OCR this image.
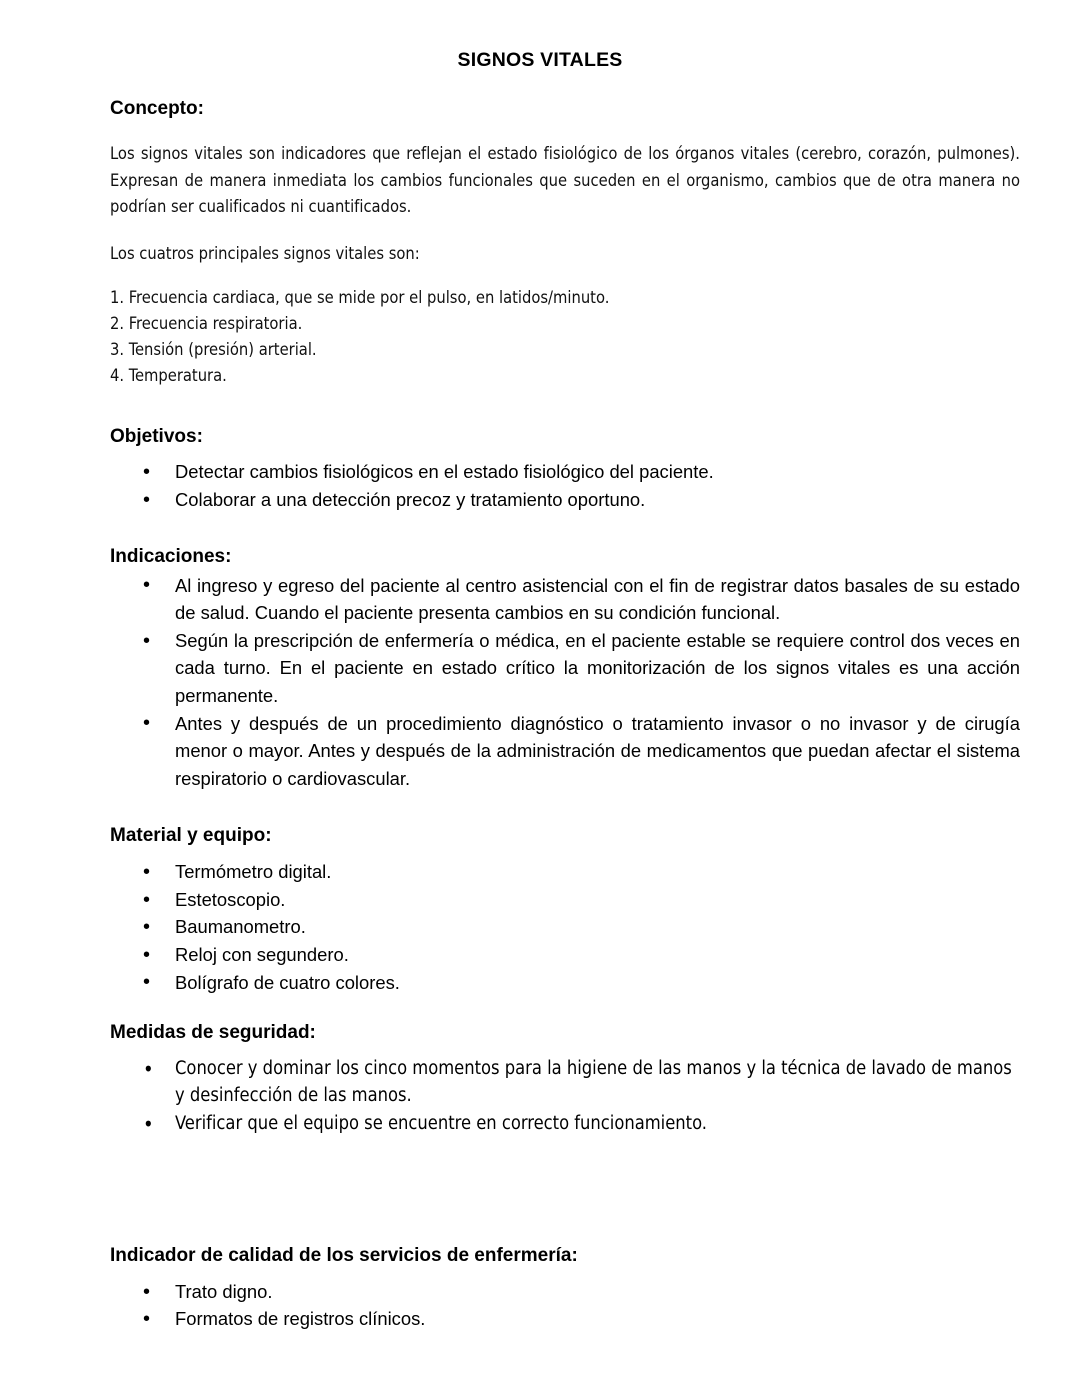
SIGNOS VITALES
Concepto:

Los signos vitales son indicadores que reflejan el estado fisiológico de los órganos vitales (cerebro, corazón, pulmones). Expresan de manera inmediata los cambios funcionales que suceden en el organismo, cambios que de otra manera no podrían ser cualificados ni cuantificados.

Los cuatros principales signos vitales son:

1. Frecuencia cardiaca, que se mide por el pulso, en latidos/minuto.
2. Frecuencia respiratoria.
3. Tensión (presión) arterial.
4. Temperatura.
Objetivos:
• Detectar cambios fisiológicos en el estado fisiológico del paciente.
• Colaborar a una detección precoz y tratamiento oportuno.
Indicaciones:
• Al ingreso y egreso del paciente al centro asistencial con el fin de registrar datos basales de su estado de salud. Cuando el paciente presenta cambios en su condición funcional.
• Según la prescripción de enfermería o médica, en el paciente estable se requiere control dos veces en cada turno. En el paciente en estado crítico la monitorización de los signos vitales es una acción permanente.
• Antes y después de un procedimiento diagnóstico o tratamiento invasor o no invasor y de cirugía menor o mayor. Antes y después de la administración de medicamentos que puedan afectar el sistema respiratorio o cardiovascular.
Material y equipo:
• Termómetro digital.
• Estetoscopio.
• Baumanometro.
• Reloj con segundero.
• Bolígrafo de cuatro colores.
Medidas de seguridad:
• Conocer y dominar los cinco momentos para la higiene de las manos y la técnica de lavado de manos y desinfección de las manos.
• Verificar que el equipo se encuentre en correcto funcionamiento.
Indicador de calidad de los servicios de enfermería:
• Trato digno.
• Formatos de registros clínicos.
